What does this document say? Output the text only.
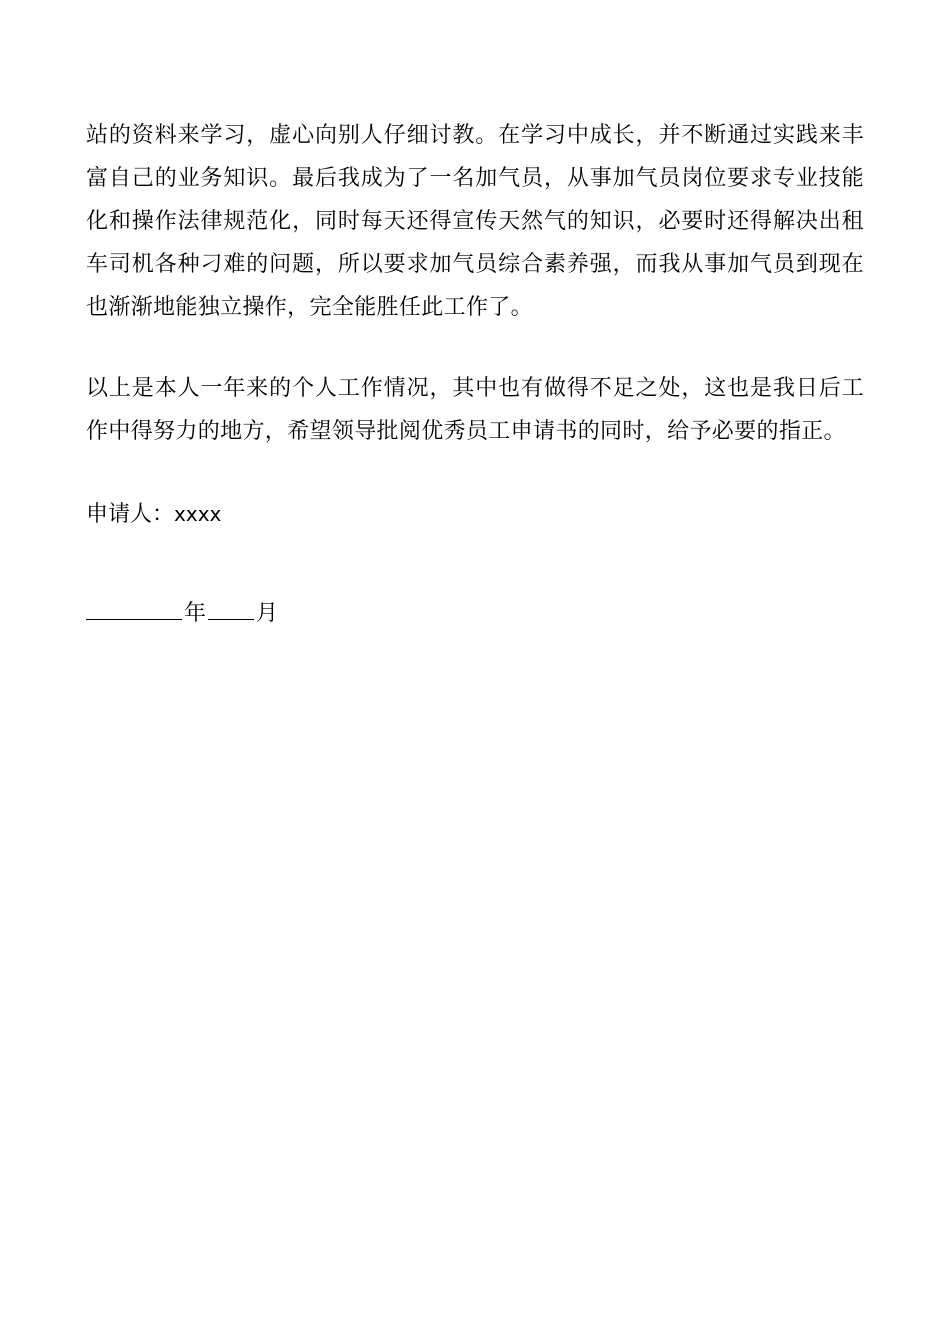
站的资料来学习，虚心向别人仔细讨教。在学习中成长，并不断通过实践来丰富自己的业务知识。最后我成为了一名加气员，从事加气员岗位要求专业技能化和操作法律规范化，同时每天还得宣传天然气的知识，必要时还得解决出租车司机各种刁难的问题，所以要求加气员综合素养强，而我从事加气员到现在也渐渐地能独立操作，完全能胜任此工作了。

以上是本人一年来的个人工作情况，其中也有做得不足之处，这也是我日后工作中得努力的地方，希望领导批阅优秀员工申请书的同时，给予必要的指正。

申请人：xxxx

年 月
